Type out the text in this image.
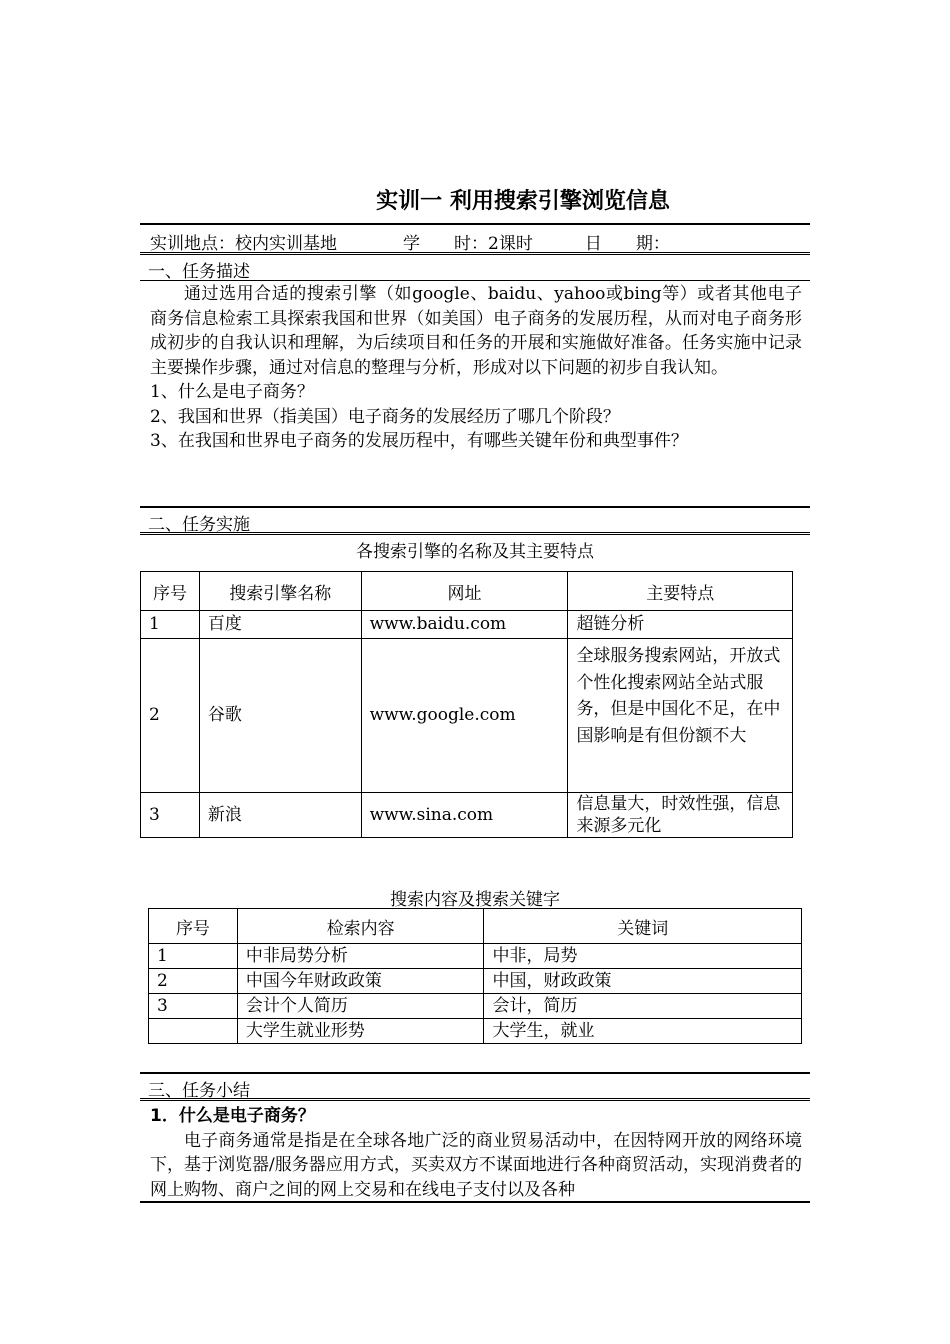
实训一 利用搜索引擎浏览信息
实训地点：校内实训基地	学 时：2课时	日 期：
一、任务描述

通过选用合适的搜索引擎（如google、baidu、yahoo或bing等）或者其他电子商务信息检索工具探索我国和世界（如美国）电子商务的发展历程，从而对电子商务形成初步的自我认识和理解，为后续项目和任务的开展和实施做好准备。任务实施中记录主要操作步骤，通过对信息的整理与分析，形成对以下问题的初步自我认知。

1、什么是电子商务？

2、我国和世界（指美国）电子商务的发展经历了哪几个阶段？

3、在我国和世界电子商务的发展历程中，有哪些关键年份和典型事件？

二、任务实施
各搜索引擎的名称及其主要特点
序号	搜索引擎名称	网址	主要特点
1	百度	www.baidu.com	超链分析
2	谷歌	www.google.com	全球服务搜索网站，开放式个性化搜索网站全站式服务，但是中国化不足，在中国影响是有但份额不大
3	新浪	www.sina.com	信息量大，时效性强，信息来源多元化
搜索内容及搜索关键字
序号	检索内容	关键词
1	中非局势分析	中非，局势
2	中国今年财政政策	中国，财政政策
3	会计个人简历	会计，简历
	大学生就业形势	大学生，就业
三、任务小结

1．什么是电子商务？

电子商务通常是指是在全球各地广泛的商业贸易活动中，在因特网开放的网络环境下，基于浏览器/服务器应用方式，买卖双方不谋面地进行各种商贸活动，实现消费者的网上购物、商户之间的网上交易和在线电子支付以及各种
